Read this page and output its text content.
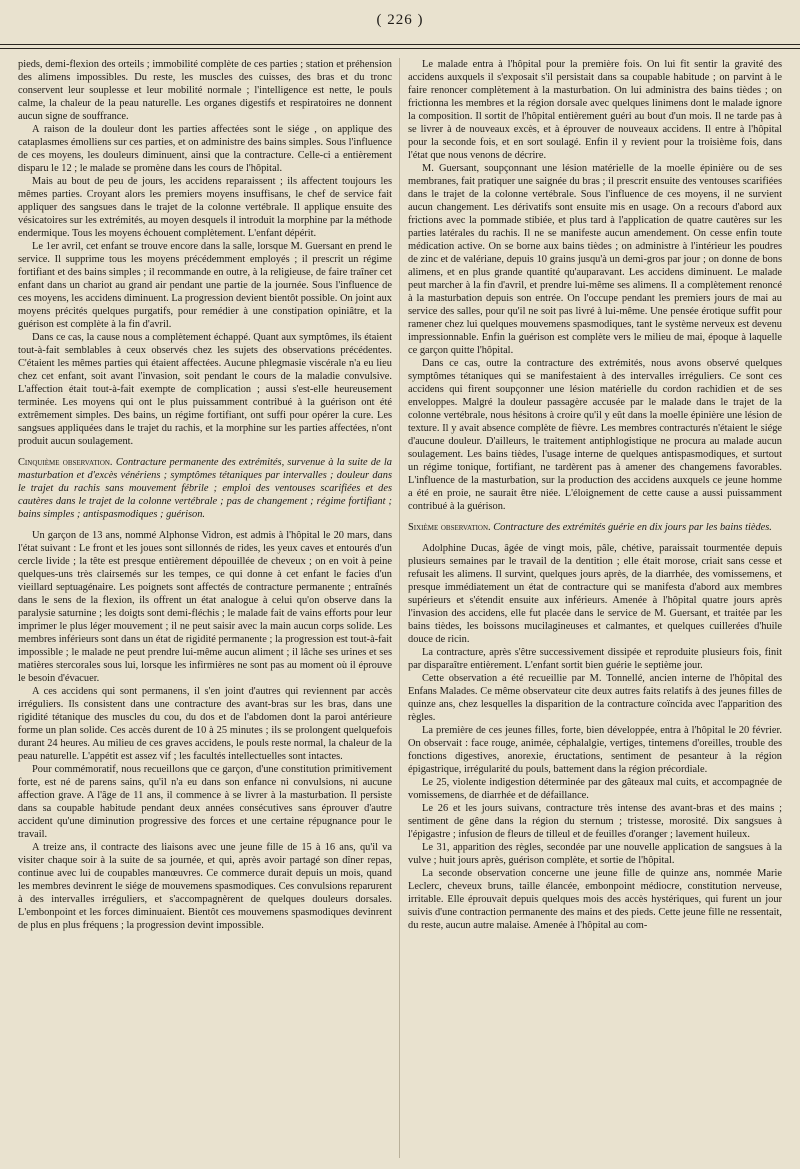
( 226 )

pieds, demi-flexion des orteils ; immobilité complète de ces parties ; station et préhension des alimens impossibles. Du reste, les muscles des cuisses, des bras et du tronc conservent leur souplesse et leur mobilité normale ; l'intelligence est nette, le pouls calme, la chaleur de la peau naturelle. Les organes digestifs et respiratoires ne donnent aucun signe de souffrance.

A raison de la douleur dont les parties affectées sont le siége , on applique des cataplasmes émolliens sur ces parties, et on administre des bains simples. Sous l'influence de ces moyens, les douleurs diminuent, ainsi que la contracture. Celle-ci a entièrement disparu le 12 ; le malade se promène dans les cours de l'hôpital.

Mais au bout de peu de jours, les accidens reparaissent ; ils affectent toujours les mêmes parties. Croyant alors les premiers moyens insuffisans, le chef de service fait appliquer des sangsues dans le trajet de la colonne vertébrale. Il applique ensuite des vésicatoires sur les extrémités, au moyen desquels il introduit la morphine par la méthode endermique. Tous les moyens échouent complètement. L'enfant dépérit.

Le 1er avril, cet enfant se trouve encore dans la salle, lorsque M. Guersant en prend le service. Il supprime tous les moyens précédemment employés ; il prescrit un régime fortifiant et des bains simples ; il recommande en outre, à la religieuse, de faire traîner cet enfant dans un chariot au grand air pendant une partie de la journée. Sous l'influence de ces moyens, les accidens diminuent. La progression devient bientôt possible. On joint aux moyens précités quelques purgatifs, pour remédier à une constipation opiniâtre, et la guérison est complète à la fin d'avril.

Dans ce cas, la cause nous a complètement échappé. Quant aux symptômes, ils étaient tout-à-fait semblables à ceux observés chez les sujets des observations précédentes. C'étaient les mêmes parties qui étaient affectées. Aucune phlegmasie viscérale n'a eu lieu chez cet enfant, soit avant l'invasion, soit pendant le cours de la maladie convulsive. L'affection était tout-à-fait exempte de complication ; aussi s'est-elle heureusement terminée. Les moyens qui ont le plus puissamment contribué à la guérison ont été extrêmement simples. Des bains, un régime fortifiant, ont suffi pour opérer la cure. Les sangsues appliquées dans le trajet du rachis, et la morphine sur les parties affectées, n'ont produit aucun soulagement.

Cinquième observation. Contracture permanente des extrémités, survenue à la suite de la masturbation et d'excès vénériens ; symptômes tétaniques par intervalles ; douleur dans le trajet du rachis sans mouvement fébrile ; emploi des ventouses scarifiées et des cautères dans le trajet de la colonne vertébrale ; pas de changement ; régime fortifiant ; bains simples ; antispasmodiques ; guérison.

Un garçon de 13 ans, nommé Alphonse Vidron, est admis à l'hôpital le 20 mars, dans l'état suivant : Le front et les joues sont sillonnés de rides, les yeux caves et entourés d'un cercle livide ; la tête est presque entièrement dépouillée de cheveux ; on en voit à peine quelques-uns très clairsemés sur les tempes, ce qui donne à cet enfant le facies d'un vieillard septuagénaire. Les poignets sont affectés de contracture permanente ; entraînés dans le sens de la flexion, ils offrent un état analogue à celui qu'on observe dans la paralysie saturnine ; les doigts sont demi-fléchis ; le malade fait de vains efforts pour leur imprimer le plus léger mouvement ; il ne peut saisir avec la main aucun corps solide. Les membres inférieurs sont dans un état de rigidité permanente ; la progression est tout-à-fait impossible ; le malade ne peut prendre lui-même aucun aliment ; il lâche ses urines et ses matières stercorales sous lui, lorsque les infirmières ne sont pas au moment où il éprouve le besoin d'évacuer.

A ces accidens qui sont permanens, il s'en joint d'autres qui reviennent par accès irréguliers. Ils consistent dans une contracture des avant-bras sur les bras, dans une rigidité tétanique des muscles du cou, du dos et de l'abdomen dont la paroi antérieure forme un plan solide. Ces accès durent de 10 à 25 minutes ; ils se prolongent quelquefois durant 24 heures. Au milieu de ces graves accidens, le pouls reste normal, la chaleur de la peau naturelle. L'appétit est assez vif ; les facultés intellectuelles sont intactes.

Pour commémoratif, nous recueillons que ce garçon, d'une constitution primitivement forte, est né de parens sains, qu'il n'a eu dans son enfance ni convulsions, ni aucune affection grave. A l'âge de 11 ans, il commence à se livrer à la masturbation. Il persiste dans sa coupable habitude pendant deux années consécutives sans éprouver d'autre accident qu'une diminution progressive des forces et une certaine répugnance pour le travail.

A treize ans, il contracte des liaisons avec une jeune fille de 15 à 16 ans, qu'il va visiter chaque soir à la suite de sa journée, et qui, après avoir partagé son dîner repas, continue avec lui de coupables manœuvres. Ce commerce durait depuis un mois, quand les membres devinrent le siége de mouvemens spasmodiques. Ces convulsions reparurent à des intervalles irréguliers, et s'accompagnèrent de quelques douleurs dorsales. L'embonpoint et les forces diminuaient. Bientôt ces mouvemens spasmodiques devinrent de plus en plus fréquens ; la progression devint impossible.

Le malade entra à l'hôpital pour la première fois. On lui fit sentir la gravité des accidens auxquels il s'exposait s'il persistait dans sa coupable habitude ; on parvint à le faire renoncer complètement à la masturbation. On lui administra des bains tièdes ; on frictionna les membres et la région dorsale avec quelques linimens dont le malade ignore la composition. Il sortit de l'hôpital entièrement guéri au bout d'un mois. Il ne tarde pas à se livrer à de nouveaux excès, et à éprouver de nouveaux accidens. Il entre à l'hôpital pour la seconde fois, et en sort soulagé. Enfin il y revient pour la troisième fois, dans l'état que nous venons de décrire.

M. Guersant, soupçonnant une lésion matérielle de la moelle épinière ou de ses membranes, fait pratiquer une saignée du bras ; il prescrit ensuite des ventouses scarifiées dans le trajet de la colonne vertébrale. Sous l'influence de ces moyens, il ne survient aucun changement. Les dérivatifs sont ensuite mis en usage. On a recours d'abord aux frictions avec la pommade stibiée, et plus tard à l'application de quatre cautères sur les parties latérales du rachis. Il ne se manifeste aucun amendement. On cesse enfin toute médication active. On se borne aux bains tièdes ; on administre à l'intérieur les poudres de zinc et de valériane, depuis 10 grains jusqu'à un demi-gros par jour ; on donne de bons alimens, et en plus grande quantité qu'auparavant. Les accidens diminuent. Le malade peut marcher à la fin d'avril, et prendre lui-même ses alimens. Il a complètement renoncé à la masturbation depuis son entrée. On l'occupe pendant les premiers jours de mai au service des salles, pour qu'il ne soit pas livré à lui-même. Une pensée érotique suffit pour ramener chez lui quelques mouvemens spasmodiques, tant le système nerveux est devenu impressionnable. Enfin la guérison est complète vers le milieu de mai, époque à laquelle ce garçon quitte l'hôpital.

Dans ce cas, outre la contracture des extrémités, nous avons observé quelques symptômes tétaniques qui se manifestaient à des intervalles irréguliers. Ce sont ces accidens qui firent soupçonner une lésion matérielle du cordon rachidien et de ses enveloppes. Malgré la douleur passagère accusée par le malade dans le trajet de la colonne vertébrale, nous hésitons à croire qu'il y eût dans la moelle épinière une lésion de texture. Il y avait absence complète de fièvre. Les membres contracturés n'étaient le siége d'aucune douleur. D'ailleurs, le traitement antiphlogistique ne procura au malade aucun soulagement. Les bains tièdes, l'usage interne de quelques antispasmodiques, et surtout un régime tonique, fortifiant, ne tardèrent pas à amener des changemens favorables. L'influence de la masturbation, sur la production des accidens auxquels ce jeune homme a été en proie, ne saurait être niée. L'éloignement de cette cause a aussi puissamment contribué à la guérison.

Sixième observation. Contracture des extrémités guérie en dix jours par les bains tièdes.

Adolphine Ducas, âgée de vingt mois, pâle, chétive, paraissait tourmentée depuis plusieurs semaines par le travail de la dentition ; elle était morose, criait sans cesse et refusait les alimens. Il survint, quelques jours après, de la diarrhée, des vomissemens, et presque immédiatement un état de contracture qui se manifesta d'abord aux membres supérieurs et s'étendit ensuite aux inférieurs. Amenée à l'hôpital quatre jours après l'invasion des accidens, elle fut placée dans le service de M. Guersant, et traitée par les bains tièdes, les boissons mucilagineuses et calmantes, et quelques cuillerées d'huile douce de ricin.

La contracture, après s'être successivement dissipée et reproduite plusieurs fois, finit par disparaître entièrement. L'enfant sortit bien guérie le septième jour.

Cette observation a été recueillie par M. Tonnellé, ancien interne de l'hôpital des Enfans Malades. Ce même observateur cite deux autres faits relatifs à des jeunes filles de quinze ans, chez lesquelles la disparition de la contracture coïncida avec l'apparition des règles.

La première de ces jeunes filles, forte, bien développée, entra à l'hôpital le 20 février. On observait : face rouge, animée, céphalalgie, vertiges, tintemens d'oreilles, trouble des fonctions digestives, anorexie, éructations, sentiment de pesanteur à la région épigastrique, irrégularité du pouls, battement dans la région précordiale.

Le 25, violente indigestion déterminée par des gâteaux mal cuits, et accompagnée de vomissemens, de diarrhée et de défaillance.

Le 26 et les jours suivans, contracture très intense des avant-bras et des mains ; sentiment de gêne dans la région du sternum ; tristesse, morosité. Dix sangsues à l'épigastre ; infusion de fleurs de tilleul et de feuilles d'oranger ; lavement huileux.

Le 31, apparition des règles, secondée par une nouvelle application de sangsues à la vulve ; huit jours après, guérison complète, et sortie de l'hôpital.

La seconde observation concerne une jeune fille de quinze ans, nommée Marie Leclerc, cheveux bruns, taille élancée, embonpoint médiocre, constitution nerveuse, irritable. Elle éprouvait depuis quelques mois des accès hystériques, qui furent un jour suivis d'une contraction permanente des mains et des pieds. Cette jeune fille ne ressentait, du reste, aucun autre malaise. Amenée à l'hôpital au com-
